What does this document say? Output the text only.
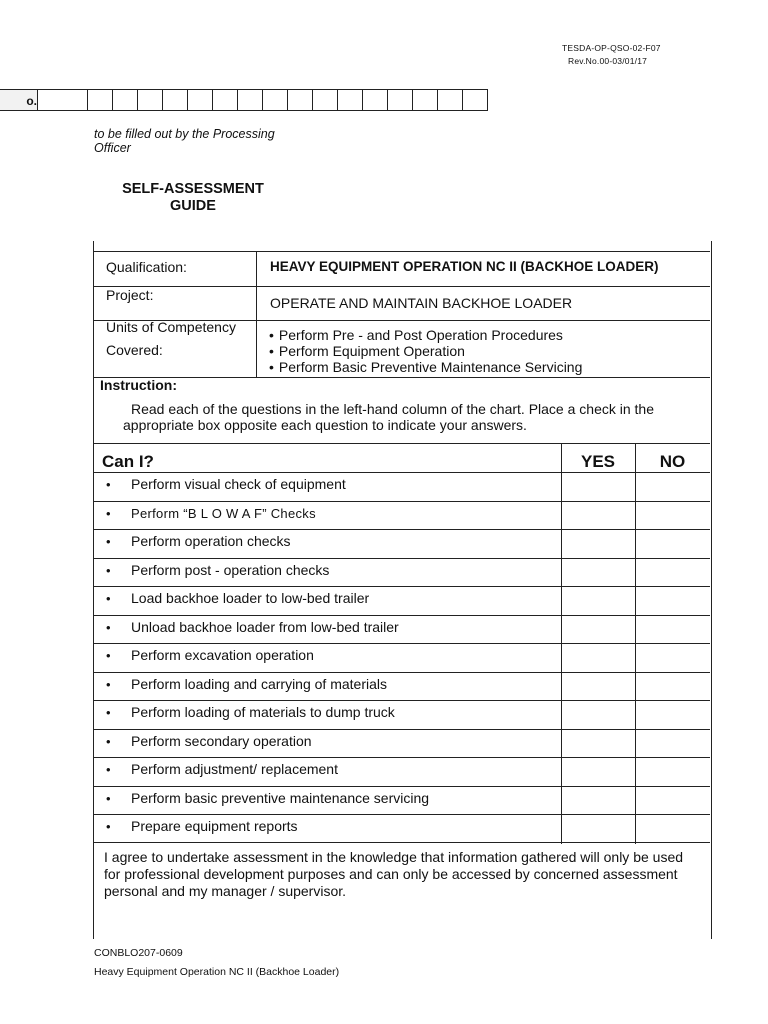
TESDA-OP-QSO-02-F07
Rev.No.00-03/01/17
o.
to be filled out by the Processing Officer
SELF-ASSESSMENT
GUIDE
Qualification:	HEAVY EQUIPMENT OPERATION NC II (BACKHOE LOADER)
Project:	OPERATE AND MAINTAIN BACKHOE LOADER
Units of Competency
Covered:
• Perform Pre - and Post Operation Procedures
• Perform Equipment Operation
• Perform Basic Preventive Maintenance Servicing
Instruction:
Read each of the questions in the left-hand column of the chart. Place a check in the
appropriate box opposite each question to indicate your answers.
Can I?	YES	NO
• Perform visual check of equipment
• Perform “B L O W A F” Checks
• Perform operation checks
• Perform post - operation checks
• Load backhoe loader to low-bed trailer
• Unload backhoe loader from low-bed trailer
• Perform excavation operation
• Perform loading and carrying of materials
• Perform loading of materials to dump truck
• Perform secondary operation
• Perform adjustment/ replacement
• Perform basic preventive maintenance servicing
• Prepare equipment reports
I agree to undertake assessment in the knowledge that information gathered will only be used
for professional development purposes and can only be accessed by concerned assessment
personal and my manager / supervisor.
CONBLO207-0609
Heavy Equipment Operation NC II (Backhoe Loader)
